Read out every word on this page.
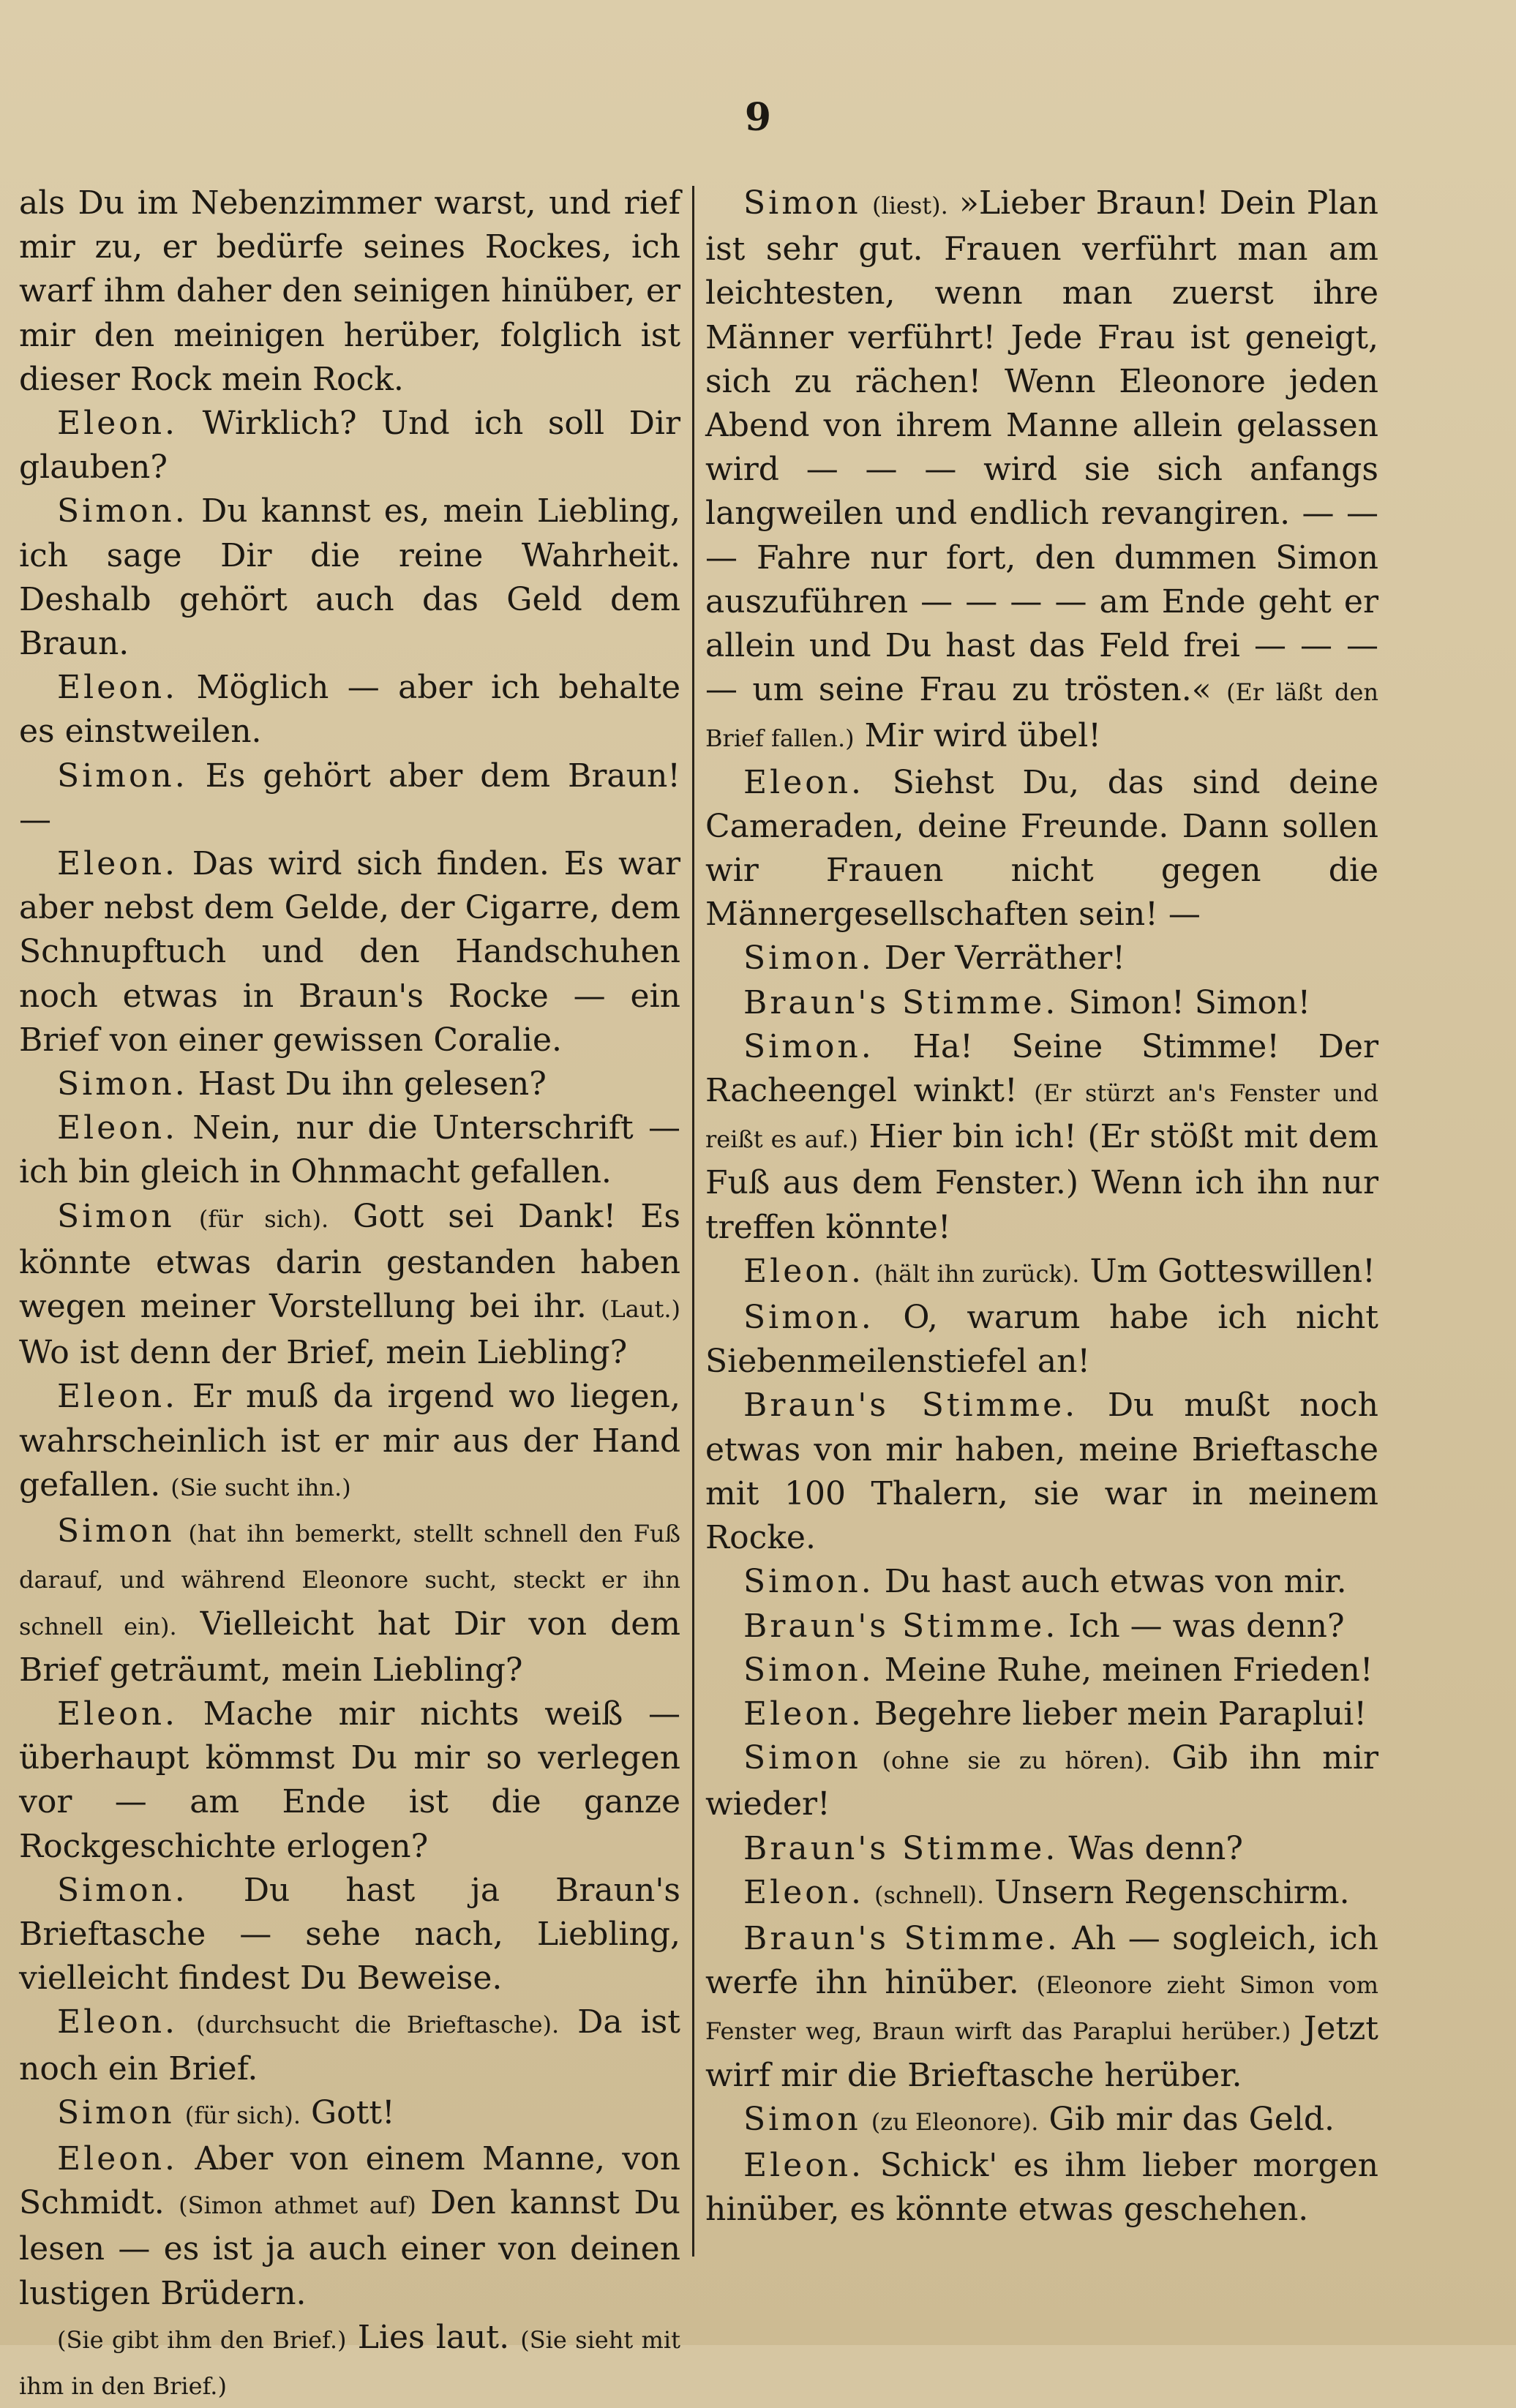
9

als Du im Nebenzimmer warst, und rief mir zu, er bedürfe seines Rockes, ich warf ihm daher den seinigen hinüber, er mir den meinigen herüber, folglich ist dieser Rock mein Rock.

Eleon. Wirklich? Und ich soll Dir glauben?

Simon. Du kannst es, mein Liebling, ich sage Dir die reine Wahrheit. Deshalb gehört auch das Geld dem Braun.

Eleon. Möglich — aber ich behalte es einstweilen.

Simon. Es gehört aber dem Braun! —

Eleon. Das wird sich finden. Es war aber nebst dem Gelde, der Cigarre, dem Schnupftuch und den Handschuhen noch etwas in Braun's Rocke — ein Brief von einer gewissen Coralie.

Simon. Hast Du ihn gelesen?

Eleon. Nein, nur die Unterschrift — ich bin gleich in Ohnmacht gefallen.

Simon (für sich). Gott sei Dank! Es könnte etwas darin gestanden haben wegen meiner Vorstellung bei ihr. (Laut.) Wo ist denn der Brief, mein Liebling?

Eleon. Er muß da irgend wo liegen, wahrscheinlich ist er mir aus der Hand gefallen. (Sie sucht ihn.)

Simon (hat ihn bemerkt, stellt schnell den Fuß darauf, und während Eleonore sucht, steckt er ihn schnell ein). Vielleicht hat Dir von dem Brief geträumt, mein Liebling?

Eleon. Mache mir nichts weiß — überhaupt kömmst Du mir so verlegen vor — am Ende ist die ganze Rockgeschichte erlogen?

Simon. Du hast ja Braun's Brieftasche — sehe nach, Liebling, vielleicht findest Du Beweise.

Eleon. (durchsucht die Brieftasche). Da ist noch ein Brief.

Simon (für sich). Gott!

Eleon. Aber von einem Manne, von Schmidt. (Simon athmet auf) Den kannst Du lesen — es ist ja auch einer von deinen lustigen Brüdern.

(Sie gibt ihm den Brief.) Lies laut. (Sie sieht mit ihm in den Brief.)

Simon (liest). »Lieber Braun! Dein Plan ist sehr gut. Frauen verführt man am leichtesten, wenn man zuerst ihre Männer verführt! Jede Frau ist geneigt, sich zu rächen! Wenn Eleonore jeden Abend von ihrem Manne allein gelassen wird — — — wird sie sich anfangs langweilen und endlich revangiren. — — — Fahre nur fort, den dummen Simon auszuführen — — — — am Ende geht er allein und Du hast das Feld frei — — — — um seine Frau zu trösten.« (Er läßt den Brief fallen.) Mir wird übel!

Eleon. Siehst Du, das sind deine Cameraden, deine Freunde. Dann sollen wir Frauen nicht gegen die Männergesellschaften sein! —

Simon. Der Verräther!

Braun's Stimme. Simon! Simon!

Simon. Ha! Seine Stimme! Der Racheengel winkt! (Er stürzt an's Fenster und reißt es auf.) Hier bin ich! (Er stößt mit dem Fuß aus dem Fenster.) Wenn ich ihn nur treffen könnte!

Eleon. (hält ihn zurück). Um Gotteswillen!

Simon. O, warum habe ich nicht Siebenmeilenstiefel an!

Braun's Stimme. Du mußt noch etwas von mir haben, meine Brieftasche mit 100 Thalern, sie war in meinem Rocke.

Simon. Du hast auch etwas von mir.

Braun's Stimme. Ich — was denn?

Simon. Meine Ruhe, meinen Frieden!

Eleon. Begehre lieber mein Paraplui!

Simon (ohne sie zu hören). Gib ihn mir wieder!

Braun's Stimme. Was denn?

Eleon. (schnell). Unsern Regenschirm.

Braun's Stimme. Ah — sogleich, ich werfe ihn hinüber. (Eleonore zieht Simon vom Fenster weg, Braun wirft das Paraplui herüber.) Jetzt wirf mir die Brieftasche herüber.

Simon (zu Eleonore). Gib mir das Geld.

Eleon. Schick' es ihm lieber morgen hinüber, es könnte etwas geschehen.
